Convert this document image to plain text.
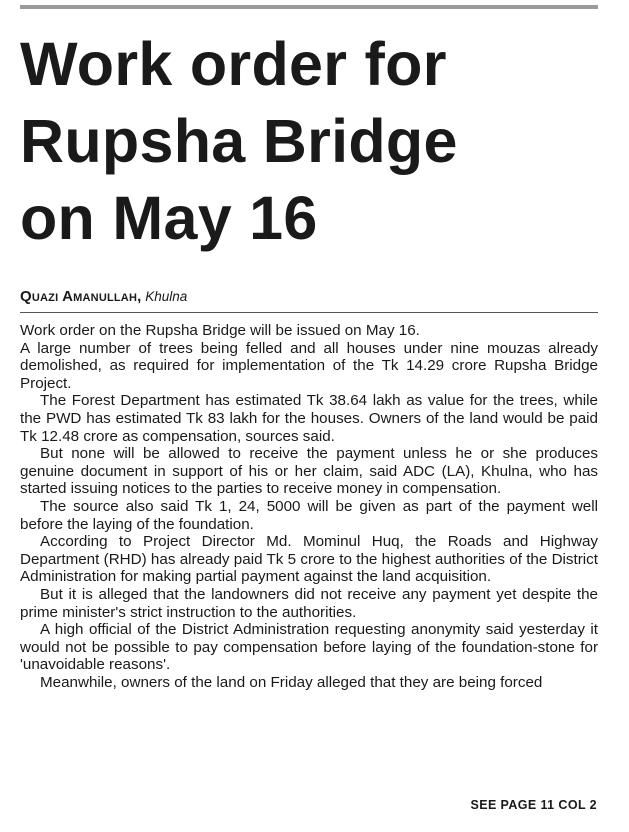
Work order for
Rupsha Bridge
on May 16
Quazi Amanullah, Khulna

Work order on the Rupsha Bridge will be issued on May 16.

A large number of trees being felled and all houses under nine mouzas already demolished, as required for implementation of the Tk 14.29 crore Rupsha Bridge Project.

The Forest Department has estimated Tk 38.64 lakh as value for the trees, while the PWD has estimated Tk 83 lakh for the houses. Owners of the land would be paid Tk 12.48 crore as compensation, sources said.

But none will be allowed to receive the payment unless he or she produces genuine document in support of his or her claim, said ADC (LA), Khulna, who has started issuing notices to the parties to receive money in compensation.

The source also said Tk 1, 24, 5000 will be given as part of the payment well before the laying of the foundation.

According to Project Director Md. Mominul Huq, the Roads and Highway Department (RHD) has already paid Tk 5 crore to the highest authorities of the District Administration for making partial payment against the land acquisition.

But it is alleged that the landowners did not receive any payment yet despite the prime minister's strict instruction to the authorities.

A high official of the District Administration requesting anonymity said yesterday it would not be possible to pay compensation before laying of the foundation-stone for 'unavoidable reasons'.

Meanwhile, owners of the land on Friday alleged that they are being forced

SEE PAGE 11 COL 2
